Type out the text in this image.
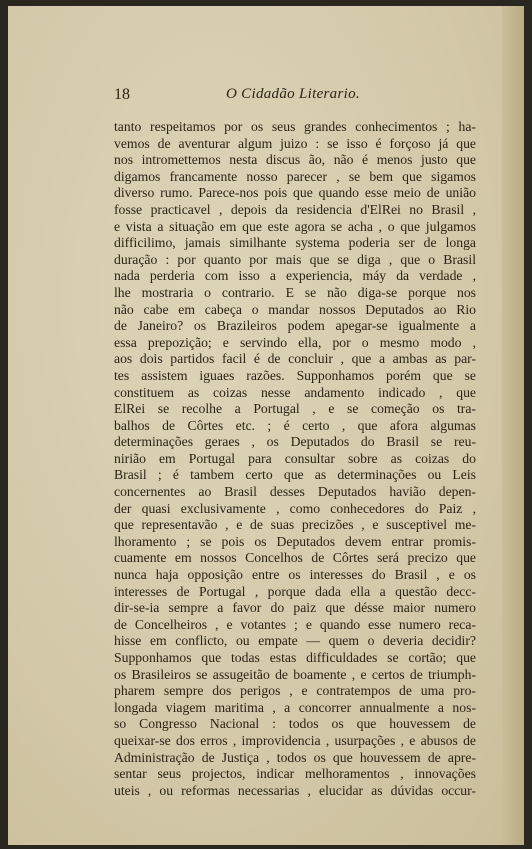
18	O Cidadão Literario.
tanto respeitamos por os seus grandes conhecimentos ; ha-
vemos de aventurar algum juizo : se isso é forçoso já que
nos intromettemos nesta discus ão, não é menos justo que
digamos francamente nosso parecer , se bem que sigamos
diverso rumo. Parece-nos pois que quando esse meio de união
fosse practicavel , depois da residencia d'ElRei no Brasil ,
e vista a situação em que este agora se acha , o que julgamos
difficilimo, jamais similhante systema poderia ser de longa
duração : por quanto por mais que se diga , que o Brasil
nada perderia com isso a experiencia, máy da verdade ,
lhe mostraria o contrario. E se não diga-se porque nos
não cabe em cabeça o mandar nossos Deputados ao Rio
de Janeiro? os Brazileiros podem apegar-se igualmente a
essa prepozição; e servindo ella, por o mesmo modo ,
aos dois partidos facil é de concluir , que a ambas as par-
tes assistem iguaes razões. Supponhamos porém que se
constituem as coizas nesse andamento indicado , que
ElRei se recolhe a Portugal , e se começão os tra-
balhos de Côrtes etc. ; é certo , que afora algumas
determinações geraes , os Deputados do Brasil se reu-
nirião em Portugal para consultar sobre as coizas do
Brasil ; é tambem certo que as determinações ou Leis
concernentes ao Brasil desses Deputados havião depen-
der quasi exclusivamente , como conhecedores do Paiz ,
que representavão , e de suas precizões , e susceptivel me-
lhoramento ; se pois os Deputados devem entrar promis-
cuamente em nossos Concelhos de Côrtes será precizo que
nunca haja opposição entre os interesses do Brasil , e os
interesses de Portugal , porque dada ella a questão decc-
dir-se-ia sempre a favor do paiz que désse maior numero
de Concelheiros , e votantes ; e quando esse numero reca-
hisse em conflicto, ou empate — quem o deveria decidir?
Supponhamos que todas estas difficuldades se cortão; que
os Brasileiros se assugeitão de boamente , e certos de triumph-
pharem sempre dos perigos , e contratempos de uma pro-
longada viagem maritima , a concorrer annualmente a nos-
so Congresso Nacional : todos os que houvessem de
queixar-se dos erros , improvidencia , usurpações , e abusos de
Administração de Justiça , todos os que houvessem de apre-
sentar seus projectos, indicar melhoramentos , innovações
uteis , ou reformas necessarias , elucidar as dúvidas occur-
